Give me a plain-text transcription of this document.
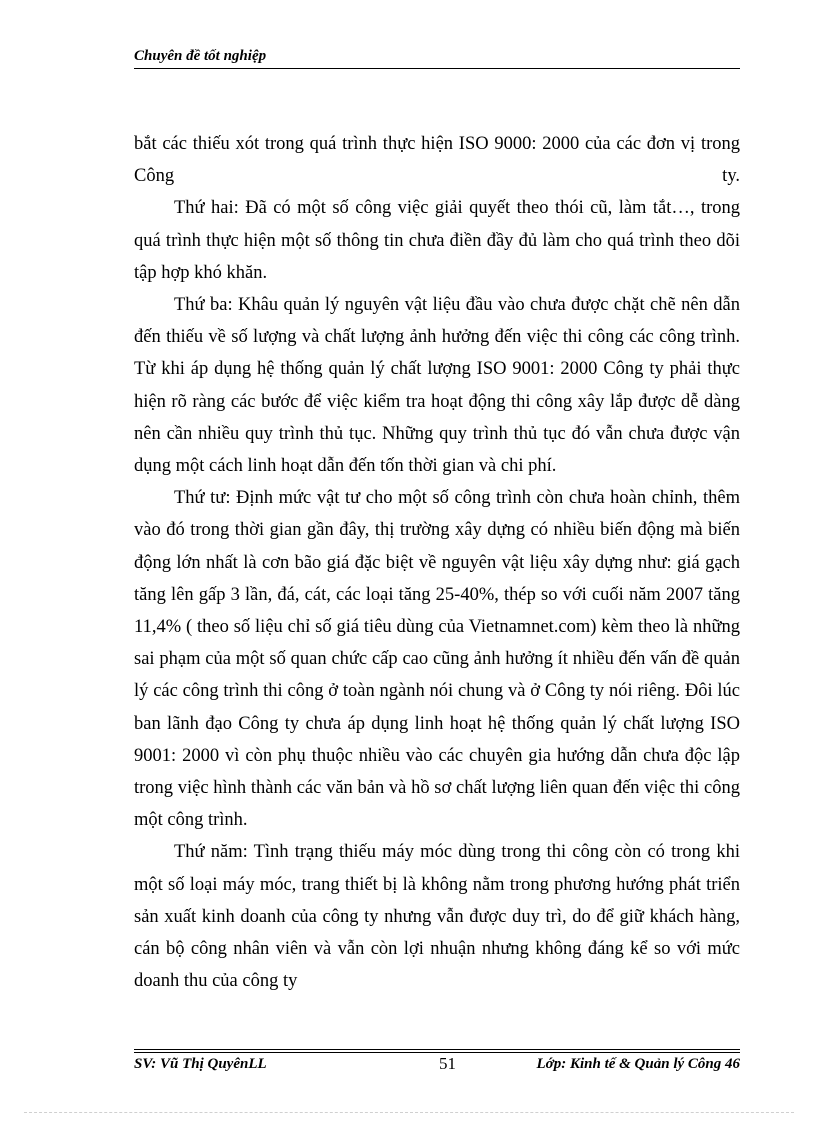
Chuyên đề tốt nghiệp

bắt các thiếu xót trong quá trình thực hiện ISO 9000: 2000 của các đơn vị trong Công ty.

Thứ hai: Đã có một số công việc giải quyết theo thói cũ, làm tắt…, trong quá trình thực hiện một số thông tin chưa điền đầy đủ làm cho quá trình theo dõi tập hợp khó khăn.

Thứ ba: Khâu quản lý nguyên vật liệu đầu vào chưa được chặt chẽ nên dẫn đến thiếu về số lượng và chất lượng ảnh hưởng đến việc thi công các công trình. Từ khi áp dụng hệ thống quản lý chất lượng ISO 9001: 2000 Công ty phải thực hiện rõ ràng các bước để việc kiểm tra hoạt động thi công xây lắp được dễ dàng nên cần nhiều quy trình thủ tục. Những quy trình thủ tục đó vẫn chưa được vận dụng một cách linh hoạt dẫn đến tốn thời gian và chi phí.

Thứ tư: Định mức vật tư cho một số công trình còn chưa hoàn chỉnh, thêm vào đó trong thời gian gần đây, thị trường xây dựng có nhiều biến động mà biến động lớn nhất là cơn bão giá đặc biệt về nguyên vật liệu xây dựng như: giá gạch tăng lên gấp 3 lần, đá, cát, các loại tăng 25-40%, thép so với cuối năm 2007 tăng 11,4% ( theo số liệu chỉ số giá tiêu dùng của Vietnamnet.com) kèm theo là những sai phạm của một số quan chức cấp cao cũng ảnh hưởng ít nhiều đến vấn đề quản lý các công trình thi công ở toàn ngành nói chung và ở Công ty nói riêng. Đôi lúc ban lãnh đạo Công ty chưa áp dụng linh hoạt hệ thống quản lý chất lượng ISO 9001: 2000 vì còn phụ thuộc nhiều vào các chuyên gia hướng dẫn chưa độc lập trong việc hình thành các văn bản và hồ sơ chất lượng liên quan đến việc thi công một công trình.

Thứ năm: Tình trạng thiếu máy móc dùng trong thi công còn có trong khi một số loại máy móc, trang thiết bị là không nằm trong phương hướng phát triển sản xuất kinh doanh của công ty nhưng vẫn được duy trì, do để giữ khách hàng, cán bộ công nhân viên và vẫn còn lợi nhuận nhưng không đáng kể so với mức doanh thu của công ty

SV: Vũ Thị QuyênLL	51	Lớp: Kinh tế & Quản lý Công 46
